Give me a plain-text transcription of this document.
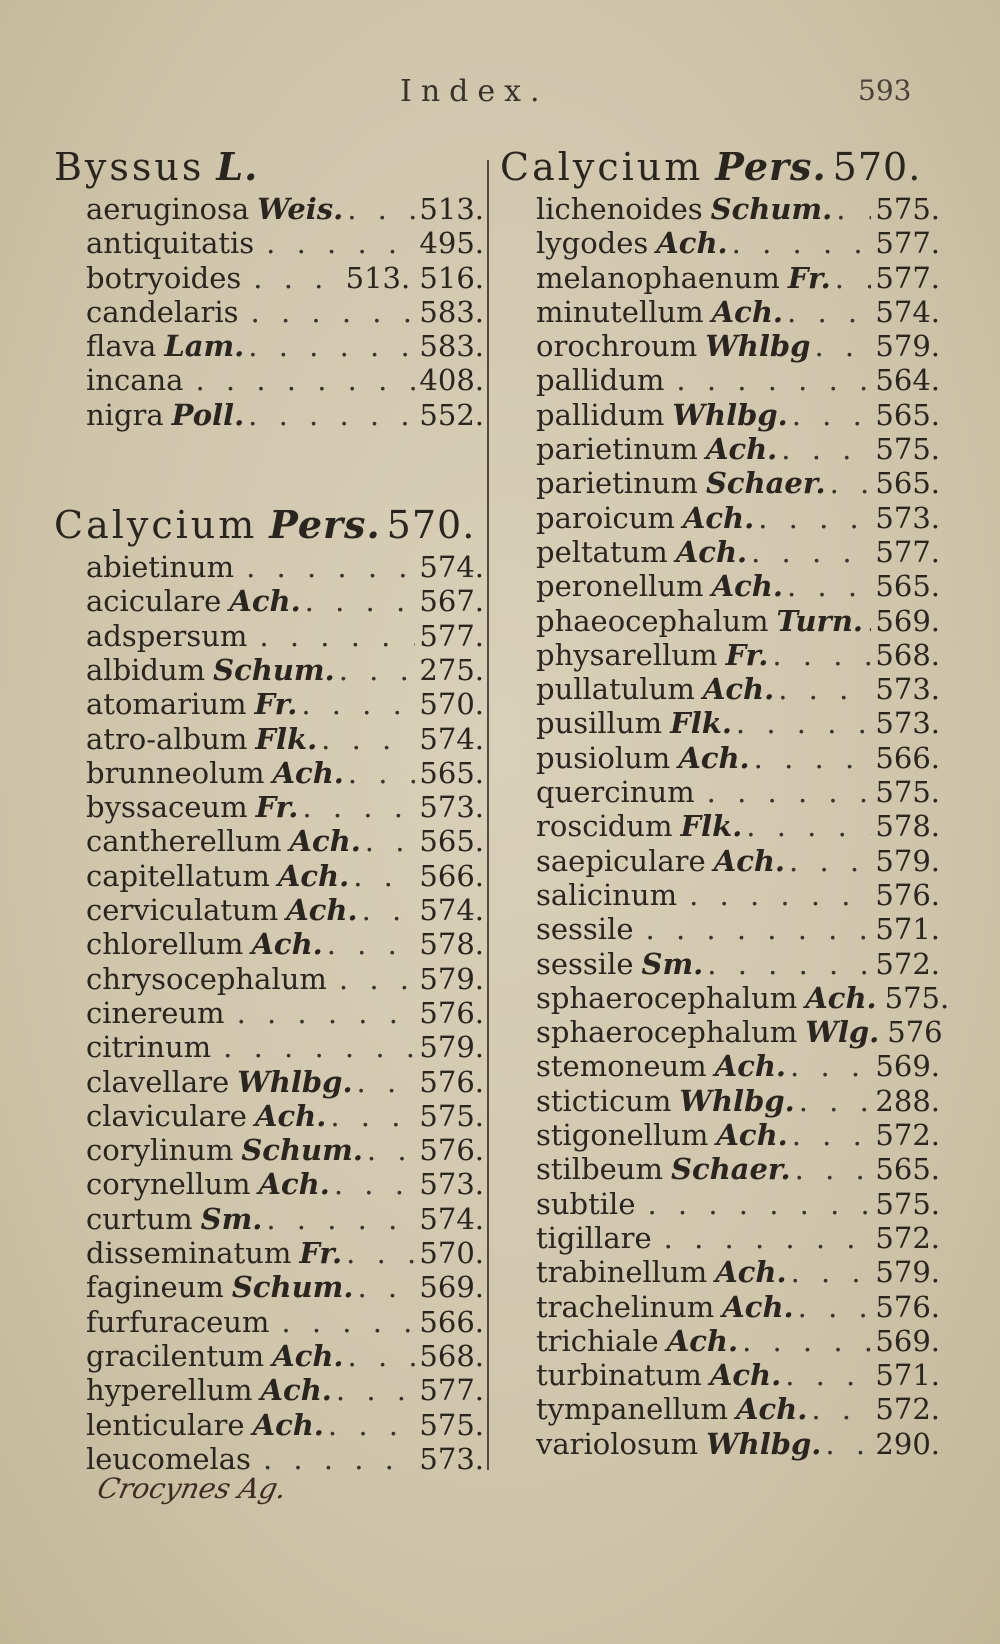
Index.	593
Byssus L.
aeruginosa Weis. . . .	513.
antiquitatis . . .	495.
botryoides . . .	513. 516.
candelaris . . .	583.
flava Lam. . . .	583.
incana . . .	408.
nigra Poll. . . .	552.
Calycium Pers. 570.
abietinum . . .	574.
aciculare Ach. . . .	567.
adspersum . . .	577.
albidum Schum. . . .	275.
atomarium Fr. . . .	570.
atro-album Flk. . . .	574.
brunneolum Ach. . . .	565.
byssaceum Fr. . . .	573.
cantherellum Ach. . . . 565.
capitellatum Ach. . . . 566.
cerviculatum Ach. . . . 574.
chlorellum Ach. . . .	578.
chrysocephalum . . .	579.
cinereum . . .	576.
citrinum . . .	579.
clavellare Whlbg. . . . 576.
claviculare Ach. . . .	575.
corylinum Schum. . . . 576.
corynellum Ach. . . .	573.
curtum Sm. . . .	574.
disseminatum Fr. . . .	570.
fagineum Schum. . . . 569.
furfuraceum . . .	566.
gracilentum Ach. . . .	568.
hyperellum Ach. . . .	577.
lenticulare Ach. . . .	575.
leucomelas . . .	573.
Calycium Pers. 570.
lichenoides Schum. . . . 575.
lygodes Ach. . . .	577.
melanophaenum Fr. . . . 577.
minutellum Ach. . . .	574.
orochroum Whlbg . . . 579.
pallidum . . .	564.
pallidum Whlbg. . . .	565.
parietinum Ach. . . .	575.
parietinum Schaer. . . . 565.
paroicum Ach. . . .	573.
peltatum Ach. . . .	577.
peronellum Ach. . . .	565.
phaeocephalum Turn. . . . 569.
physarellum Fr. . . .	568.
pullatulum Ach. . . .	573.
pusillum Flk. . . .	573.
pusiolum Ach. . . .	566.
quercinum . . .	575.
roscidum Flk. . . .	578.
saepiculare Ach. . . .	579.
salicinum . . .	576.
sessile . . .	571.
sessile Sm. . . .	572.
sphaerocephalum Ach. 575.
sphaerocephalum Wlg. 576
stemoneum Ach. . . .	569.
sticticum Whlbg. . . .	288.
stigonellum Ach. . . .	572.
stilbeum Schaer. . . .	565.
subtile . . .	575.
tigillare . . .	572.
trabinellum Ach. . . .	579.
trachelinum Ach. . . .	576.
trichiale Ach. . . .	569.
turbinatum Ach. . . .	571.
tympanellum Ach. . . . 572.
variolosum Whlbg. . . . 290.
Crocynes Ag.
